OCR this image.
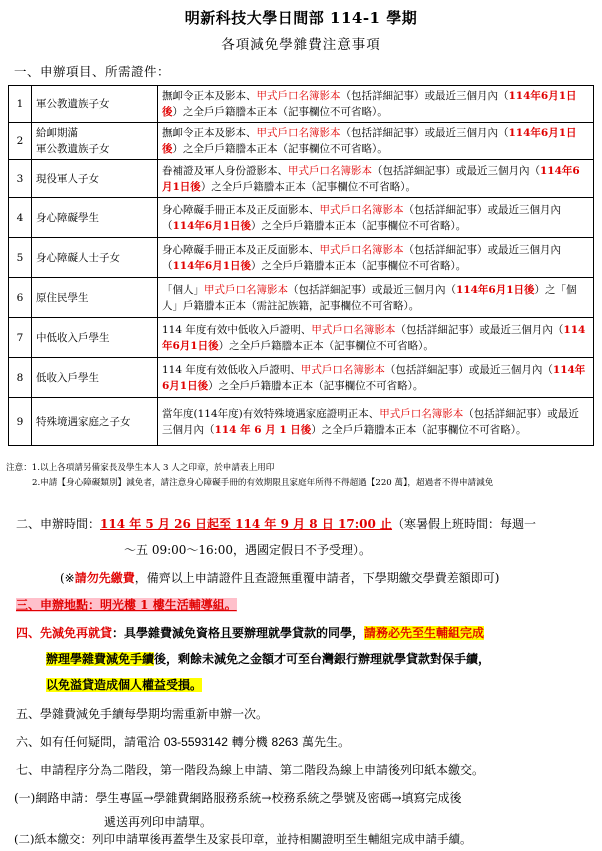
明新科技大學日間部 114-1 學期
各項減免學雜費注意事項
一、申辦項目、所需證件：
1	軍公教遺族子女	撫卹令正本及影本、甲式戶口名簿影本（包括詳細記事）或最近三個月內（114年6月1日後）之全戶戶籍謄本正本（記事欄位不可省略）。
2	給卹期滿
軍公教遺族子女	撫卹令正本及影本、甲式戶口名簿影本（包括詳細記事）或最近三個月內（114年6月1日後）之全戶戶籍謄本正本（記事欄位不可省略）。
3	現役軍人子女	眷補證及軍人身份證影本、甲式戶口名簿影本（包括詳細記事）或最近三個月內（114年6月1日後）之全戶戶籍謄本正本（記事欄位不可省略）。
4	身心障礙學生	身心障礙手冊正本及正反面影本、甲式戶口名簿影本（包括詳細記事）或最近三個月內（114年6月1日後）之全戶戶籍謄本正本（記事欄位不可省略）。
5	身心障礙人士子女	身心障礙手冊正本及正反面影本、甲式戶口名簿影本（包括詳細記事）或最近三個月內（114年6月1日後）之全戶戶籍謄本正本（記事欄位不可省略）。
6	原住民學生	「個人」甲式戶口名簿影本（包括詳細記事）或最近三個月內（114年6月1日後）之「個人」戶籍謄本正本（需註記族籍，記事欄位不可省略）。
7	中低收入戶學生	114 年度有效中低收入戶證明、甲式戶口名簿影本（包括詳細記事）或最近三個月內（114年6月1日後）之全戶戶籍謄本正本（記事欄位不可省略）。
8	低收入戶學生	114 年度有效低收入戶證明、甲式戶口名簿影本（包括詳細記事）或最近三個月內（114年6月1日後）之全戶戶籍謄本正本（記事欄位不可省略）。
9	特殊境遇家庭之子女	當年度(114年度)有效特殊境遇家庭證明正本、甲式戶口名簿影本（包括詳細記事）或最近三個月內（114 年 6 月 1 日後）之全戶戶籍謄本正本（記事欄位不可省略）。
注意：1.以上各項請另備家長及學生本人 3 人之印章，於申請表上用印
2.申請【身心障礙類別】減免者，請注意身心障礙手冊的有效期限且家庭年所得不得超過【220 萬】，超過者不得申請減免
二、申辦時間：114 年 5 月 26 日起至 114 年 9 月 8 日 17:00 止（寒暑假上班時間：每週一
～五 09:00～16:00，遇國定假日不予受理）。
(※請勿先繳費，備齊以上申請證件且查證無重覆申請者，下學期繳交學費差額即可)
三、申辦地點：明光樓 1 樓生活輔導組。
四、先減免再就貸：具學雜費減免資格且要辦理就學貸款的同學，請務必先至生輔組完成
辦理學雜費減免手續後，剩餘未減免之金額才可至台灣銀行辦理就學貸款對保手續，
以免溢貸造成個人權益受損。
五、學雜費減免手續每學期均需重新申辦一次。
六、如有任何疑問，請電洽 03-5593142 轉分機 8263 萬先生。
七、申請程序分為二階段，第一階段為線上申請、第二階段為線上申請後列印紙本繳交。
(一)網路申請：學生專區→學雜費網路服務系統→校務系統之學號及密碼→填寫完成後
遞送再列印申請單。
(二)紙本繳交：列印申請單後再蓋學生及家長印章，並持相關證明至生輔組完成申請手續。
